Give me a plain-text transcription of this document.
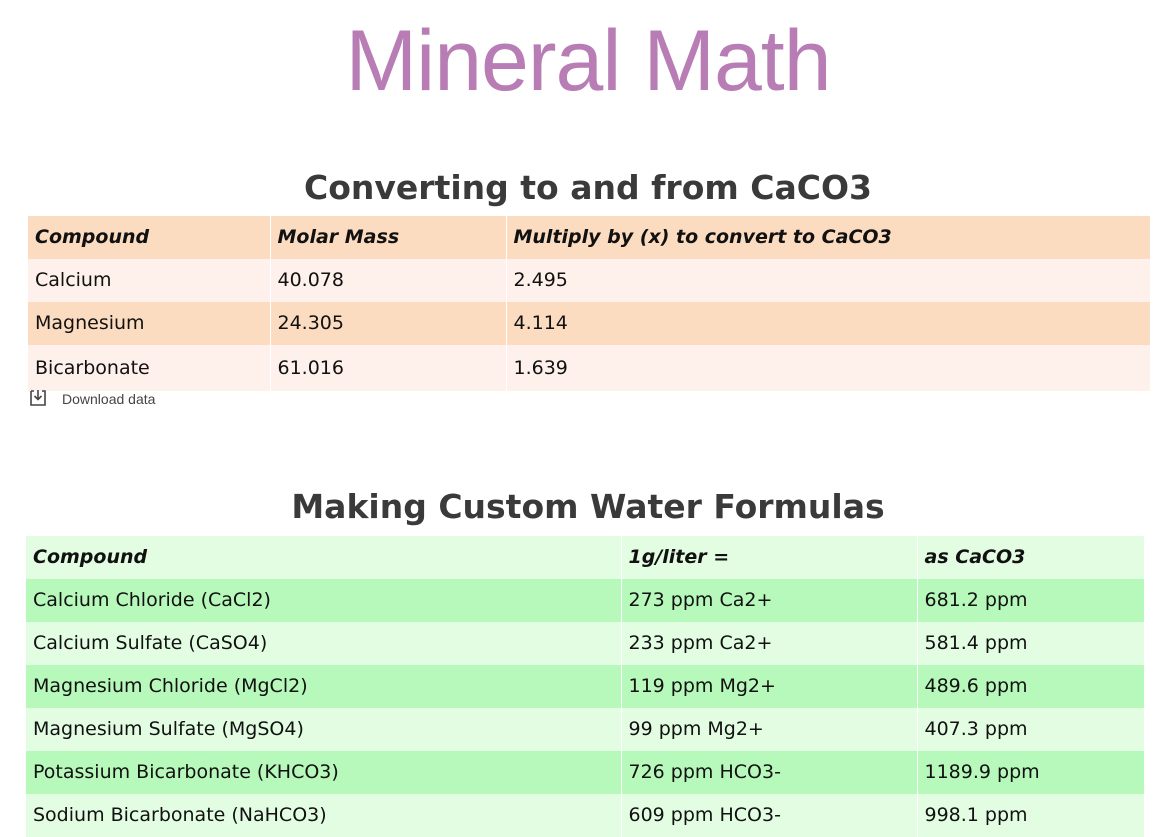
Mineral Math
Converting to and from CaCO3
Compound	Molar Mass	Multiply by (x) to convert to CaCO3
Calcium	40.078	2.495
Magnesium	24.305	4.114
Bicarbonate	61.016	1.639
Download data
Making Custom Water Formulas
Compound	1g/liter =	as CaCO3
Calcium Chloride (CaCl2)	273 ppm Ca2+	681.2 ppm
Calcium Sulfate (CaSO4)	233 ppm Ca2+	581.4 ppm
Magnesium Chloride (MgCl2)	119 ppm Mg2+	489.6 ppm
Magnesium Sulfate (MgSO4)	99 ppm Mg2+	407.3 ppm
Potassium Bicarbonate (KHCO3)	726 ppm HCO3-	1189.9 ppm
Sodium Bicarbonate (NaHCO3)	609 ppm HCO3-	998.1 ppm
